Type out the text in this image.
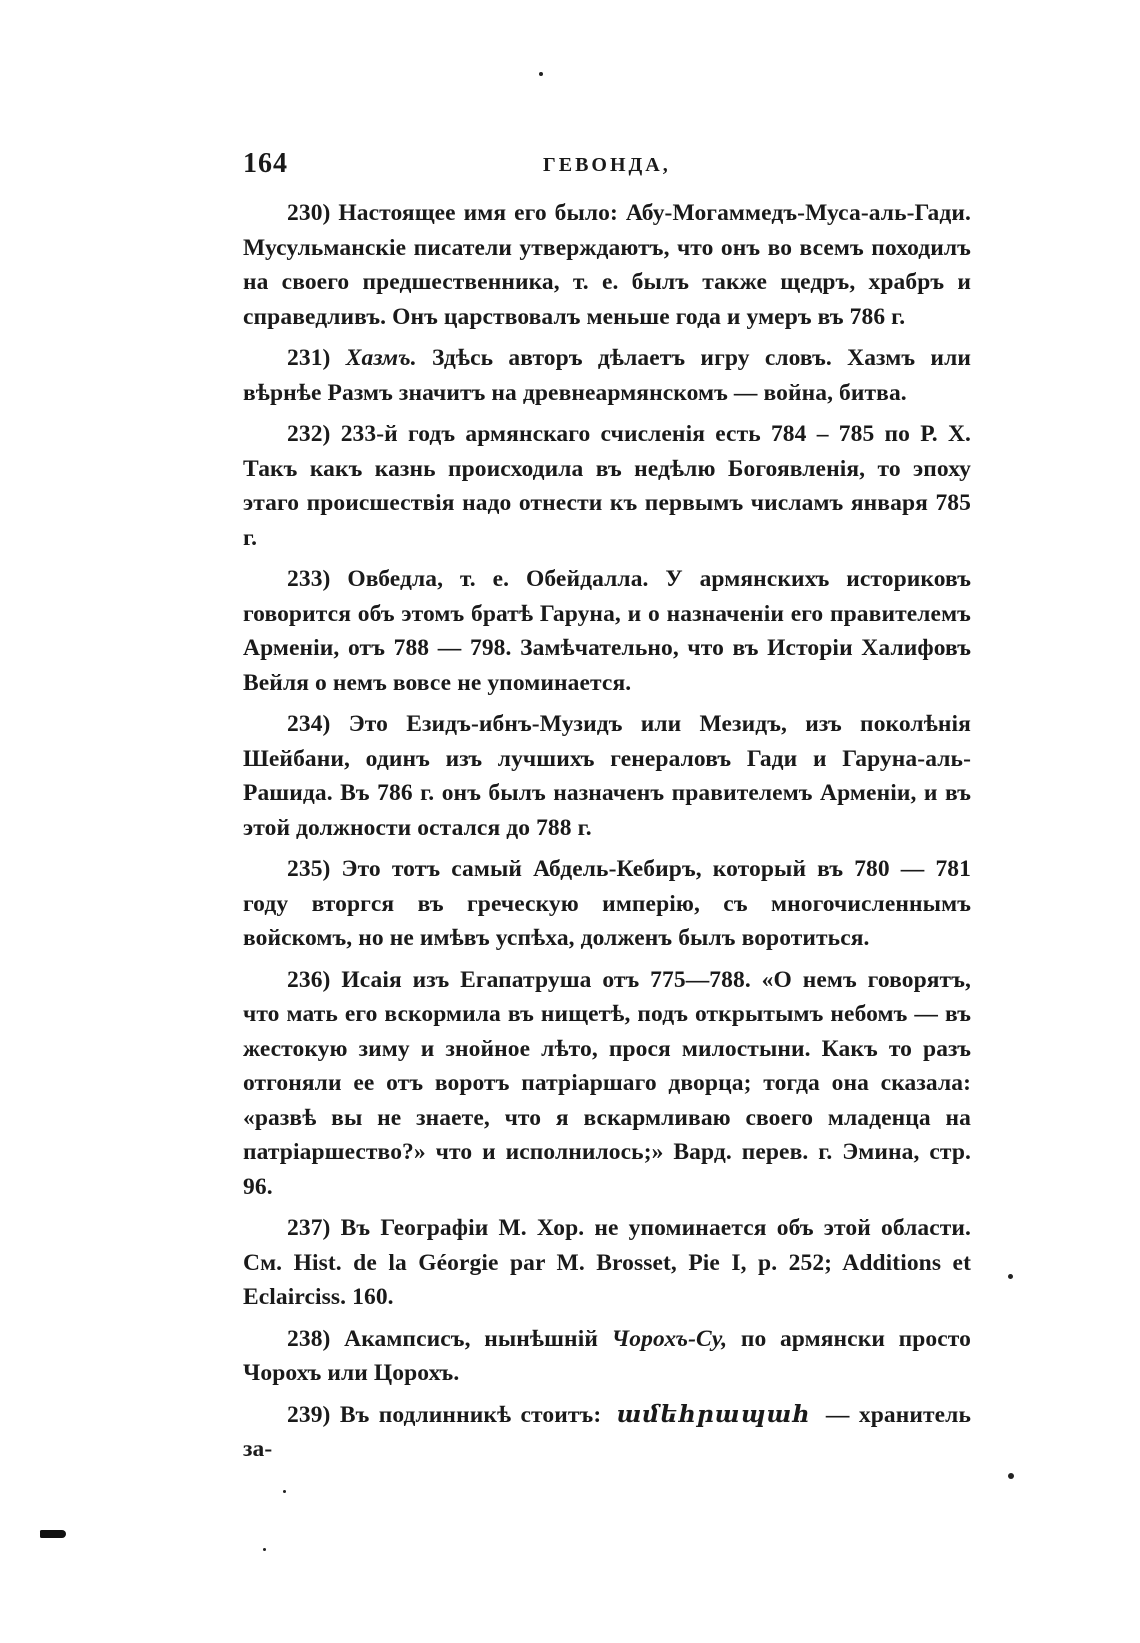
164	ГЕВОНДА,

230) Настоящее имя его было: Абу-Могаммедъ-Муса-аль-Гади. Мусульманскіе писатели утверждаютъ, что онъ во всемъ походилъ на своего предшественника, т. е. былъ также щедръ, храбръ и справедливъ. Онъ царствовалъ меньше года и умеръ въ 786 г.

231) Хазмъ. Здѣсь авторъ дѣлаетъ игру словъ. Хазмъ или вѣрнѣе Размъ значитъ на древнеармянскомъ — война, битва.

232) 233-й годъ армянскаго счисленія есть 784 – 785 по Р. Х. Такъ какъ казнь происходила въ недѣлю Богоявленія, то эпоху этаго происшествія надо отнести къ первымъ числамъ января 785 г.

233) Овбедла, т. е. Обейдалла. У армянскихъ историковъ говорится объ этомъ братѣ Гаруна, и о назначеніи его правителемъ Арменіи, отъ 788 — 798. Замѣчательно, что въ Исторіи Халифовъ Вейля о немъ вовсе не упоминается.

234) Это Езидъ-ибнъ-Музидъ или Мезидъ, изъ поколѣнія Шейбани, одинъ изъ лучшихъ генераловъ Гади и Гаруна-аль-Рашида. Въ 786 г. онъ былъ назначенъ правителемъ Арменіи, и въ этой должности остался до 788 г.

235) Это тотъ самый Абдель-Кебиръ, который въ 780 — 781 году вторгся въ греческую имперію, съ многочисленнымъ войскомъ, но не имѣвъ успѣха, долженъ былъ воротиться.

236) Исаія изъ Егапатруша отъ 775—788. «О немъ говорятъ, что мать его вскормила въ нищетѣ, подъ открытымъ небомъ — въ жестокую зиму и знойное лѣто, прося милостыни. Какъ то разъ отгоняли ее отъ воротъ патріаршаго дворца; тогда она сказала: «развѣ вы не знаете, что я вскармливаю своего младенца на патріаршество?» что и исполнилось;» Вард. перев. г. Эмина, стр. 96.

237) Въ Географіи М. Хор. не упоминается объ этой области. См. Hist. de la Géorgie par M. Brosset, Pie I, p. 252; Additions et Eclairciss. 160.

238) Акампсисъ, нынѣшній Чорохъ-Су, по армянски просто Чорохъ или Цорохъ.

239) Въ подлинникѣ стоитъ: ամեհրապահ — хранитель за-
